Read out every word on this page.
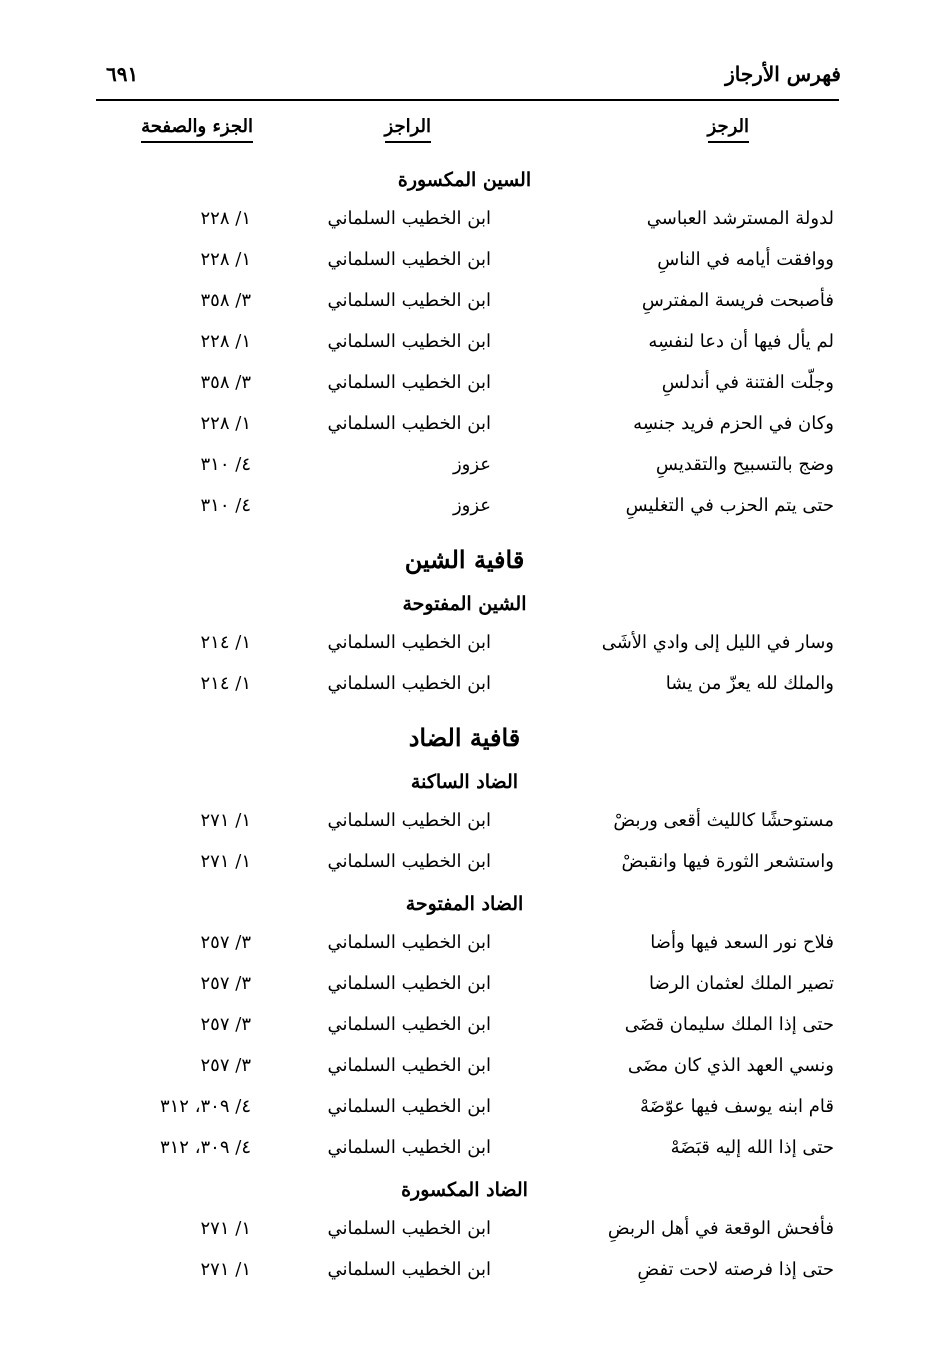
فهرس الأرجاز
٦٩١
الرجز
الراجز
الجزء والصفحة
السين المكسورة
لدولة المسترشد العباسي
ابن الخطيب السلماني
١/ ٢٢٨
ووافقت أيامه في الناسِ
ابن الخطيب السلماني
١/ ٢٢٨
فأصبحت فريسة المفترسِ
ابن الخطيب السلماني
٣/ ٣٥٨
لم يأل فيها أن دعا لنفسِه
ابن الخطيب السلماني
١/ ٢٢٨
وجلّت الفتنة في أندلسِ
ابن الخطيب السلماني
٣/ ٣٥٨
وكان في الحزم فريد جنسِه
ابن الخطيب السلماني
١/ ٢٢٨
وضج بالتسبيح والتقديسِ
عزوز
٤/ ٣١٠
حتى يتم الحزب في التغليسِ
عزوز
٤/ ٣١٠
قافية الشين
الشين المفتوحة
وسار في الليل إلى وادي الأشَى
ابن الخطيب السلماني
١/ ٢١٤
والملك لله يعزّ من يشا
ابن الخطيب السلماني
١/ ٢١٤
قافية الضاد
الضاد الساكنة
مستوحشًا كالليث أقعى وربضْ
ابن الخطيب السلماني
١/ ٢٧١
واستشعر الثورة فيها وانقبضْ
ابن الخطيب السلماني
١/ ٢٧١
الضاد المفتوحة
فلاح نور السعد فيها وأضا
ابن الخطيب السلماني
٣/ ٢٥٧
تصير الملك لعثمان الرضا
ابن الخطيب السلماني
٣/ ٢٥٧
حتى إذا الملك سليمان قضَى
ابن الخطيب السلماني
٣/ ٢٥٧
ونسي العهد الذي كان مضَى
ابن الخطيب السلماني
٣/ ٢٥٧
قام ابنه يوسف فيها عوّضَهْ
ابن الخطيب السلماني
٤/ ٣٠٩، ٣١٢
حتى إذا الله إليه قبَضَهْ
ابن الخطيب السلماني
٤/ ٣٠٩، ٣١٢
الضاد المكسورة
فأفحش الوقعة في أهل الربضِ
ابن الخطيب السلماني
١/ ٢٧١
حتى إذا فرصته لاحت تفضِ
ابن الخطيب السلماني
١/ ٢٧١
